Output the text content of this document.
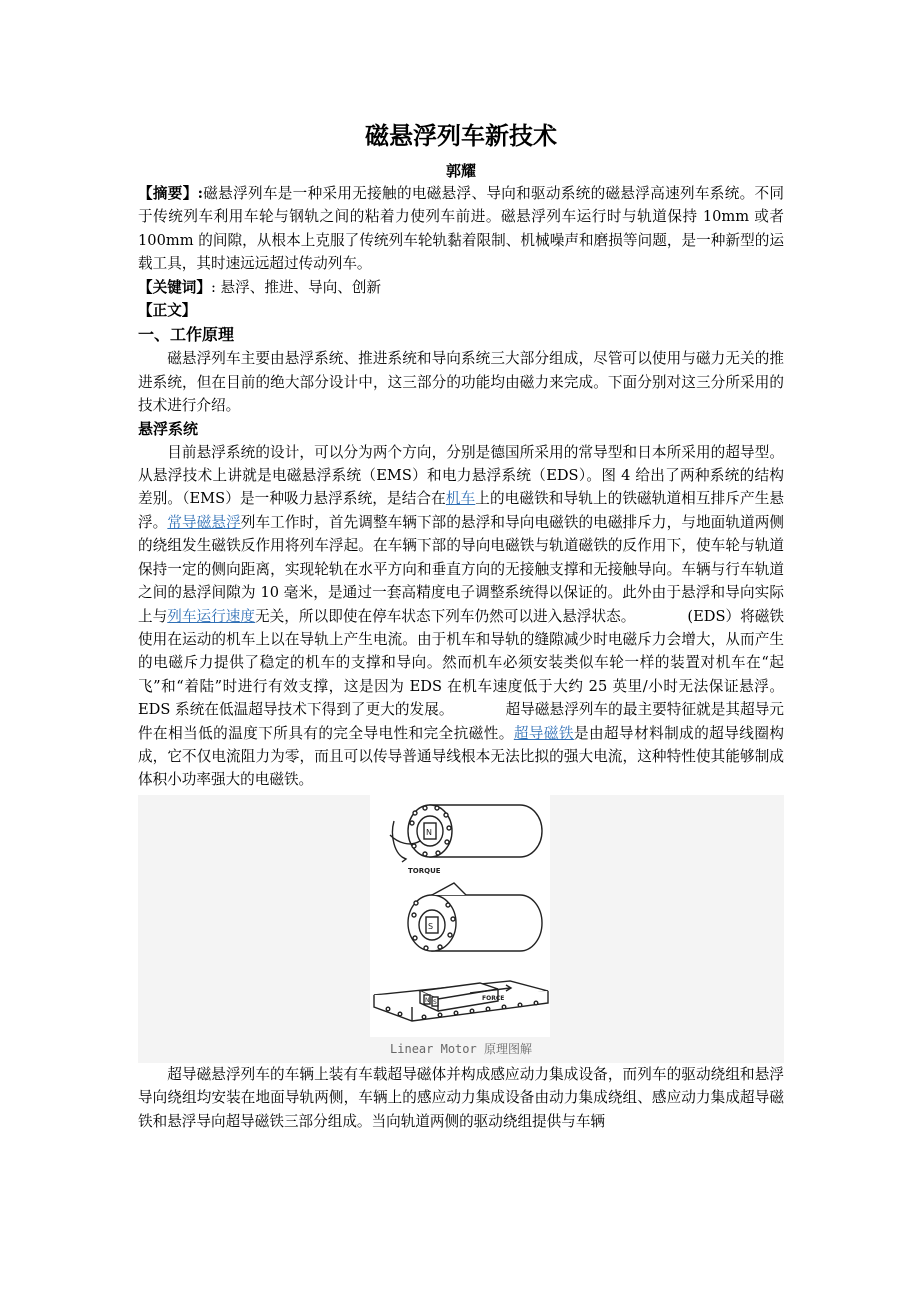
磁悬浮列车新技术
郭耀

【摘要】:磁悬浮列车是一种采用无接触的电磁悬浮、导向和驱动系统的磁悬浮高速列车系统。不同于传统列车利用车轮与钢轨之间的粘着力使列车前进。磁悬浮列车运行时与轨道保持 10mm 或者 100mm 的间隙，从根本上克服了传统列车轮轨黏着限制、机械噪声和磨损等问题，是一种新型的运载工具，其时速远远超过传动列车。

【关键词】: 悬浮、推进、导向、创新

【正文】

一、工作原理

磁悬浮列车主要由悬浮系统、推进系统和导向系统三大部分组成，尽管可以使用与磁力无关的推进系统，但在目前的绝大部分设计中，这三部分的功能均由磁力来完成。下面分别对这三分所采用的技术进行介绍。

悬浮系统

目前悬浮系统的设计，可以分为两个方向，分别是德国所采用的常导型和日本所采用的超导型。从悬浮技术上讲就是电磁悬浮系统（EMS）和电力悬浮系统（EDS）。图 4 给出了两种系统的结构差别。（EMS）是一种吸力悬浮系统，是结合在机车上的电磁铁和导轨上的铁磁轨道相互排斥产生悬浮。常导磁悬浮列车工作时，首先调整车辆下部的悬浮和导向电磁铁的电磁排斥力，与地面轨道两侧的绕组发生磁铁反作用将列车浮起。在车辆下部的导向电磁铁与轨道磁铁的反作用下，使车轮与轨道保持一定的侧向距离，实现轮轨在水平方向和垂直方向的无接触支撑和无接触导向。车辆与行车轨道之间的悬浮间隙为 10 毫米，是通过一套高精度电子调整系统得以保证的。此外由于悬浮和导向实际上与列车运行速度无关，所以即使在停车状态下列车仍然可以进入悬浮状态。	(EDS）将磁铁使用在运动的机车上以在导轨上产生电流。由于机车和导轨的缝隙减少时电磁斥力会增大，从而产生的电磁斥力提供了稳定的机车的支撑和导向。然而机车必须安装类似车轮一样的装置对机车在“起飞”和“着陆”时进行有效支撑，这是因为 EDS 在机车速度低于大约 25 英里/小时无法保证悬浮。EDS 系统在低温超导技术下得到了更大的发展。	超导磁悬浮列车的最主要特征就是其超导元件在相当低的温度下所具有的完全导电性和完全抗磁性。超导磁铁是由超导材料制成的超导线圈构成，它不仅电流阻力为零，而且可以传导普通导线根本无法比拟的强大电流，这种特性使其能够制成体积小功率强大的电磁铁。

N
TORQUE
S
N S
FORCE
Linear Motor 原理图解

超导磁悬浮列车的车辆上装有车载超导磁体并构成感应动力集成设备，而列车的驱动绕组和悬浮导向绕组均安装在地面导轨两侧，车辆上的感应动力集成设备由动力集成绕组、感应动力集成超导磁铁和悬浮导向超导磁铁三部分组成。当向轨道两侧的驱动绕组提供与车辆
